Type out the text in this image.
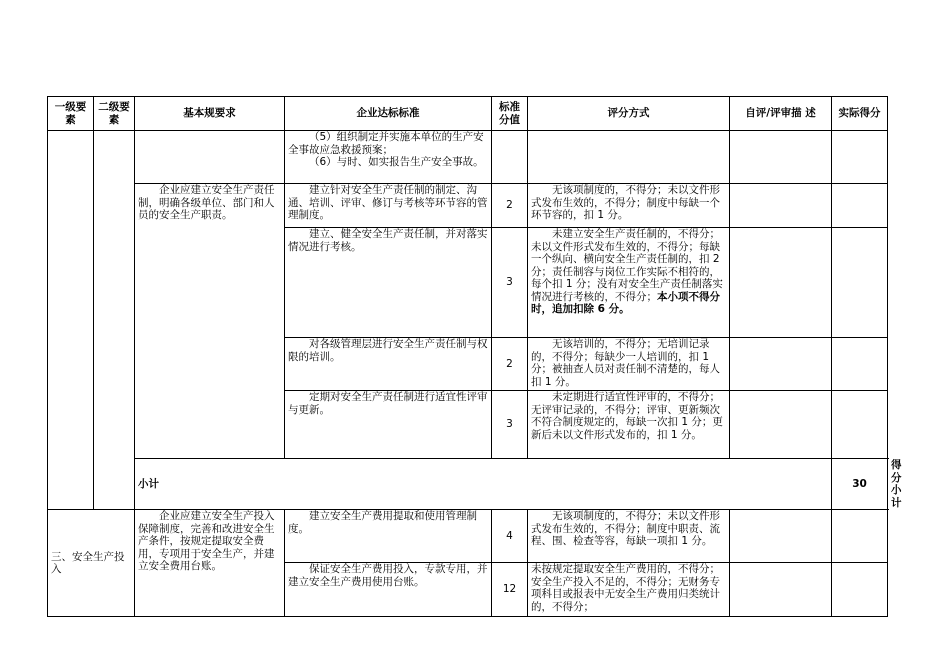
一级要素	二级要素	基本规要求	企业达标标准	标准分值	评分方式	自评/评审描 述	实际得分	

			（5）组织制定并实施本单位的生产安全事故应急救援预案；

（6）与时、如实报告生产安全事故。					

		企业应建立安全生产责任制，明确各级单位、部门和人员的安全生产职责。	建立针对安全生产责任制的制定、沟通、培训、评审、修订与考核等环节容的管理制度。	2	无该项制度的，不得分；未以文件形式发布生效的，不得分；制度中每缺一个环节容的，扣 1 分。			

			建立、健全安全生产责任制，并对落实情况进行考核。	3	未建立安全生产责任制的，不得分；未以文件形式发布生效的，不得分；每缺一个纵向、横向安全生产责任制的，扣 2 分；责任制容与岗位工作实际不相符的，每个扣 1 分；没有对安全生产责任制落实情况进行考核的，不得分；本小项不得分时，追加扣除 6 分。			

			对各级管理层进行安全生产责任制与权限的培训。	2	无该培训的，不得分；无培训记录的，不得分；每缺少一人培训的，扣 1 分；被抽查人员对责任制不清楚的，每人扣 1 分。			

			定期对安全生产责任制进行适宜性评审与更新。	3	未定期进行适宜性评审的，不得分；无评审记录的，不得分；评审、更新频次不符合制度规定的，每缺一次扣 1 分；更新后未以文件形式发布的，扣 1 分。			

		小计					30	得分小计
三、安全生产投入		企业应建立安全生产投入保障制度，完善和改进安全生产条件，按规定提取安全费用，专项用于安全生产，并建立安全费用台账。	建立安全生产费用提取和使用管理制度。	4	无该项制度的，不得分；未以文件形式发布生效的，不得分；制度中职责、流程、围、检查等容，每缺一项扣 1 分。			

			保证安全生产费用投入，专款专用，并建立安全生产费用使用台账。	12	未按规定提取安全生产费用的，不得分；安全生产投入不足的，不得分；无财务专项科目或报表中无安全生产费用归类统计的，不得分；			
